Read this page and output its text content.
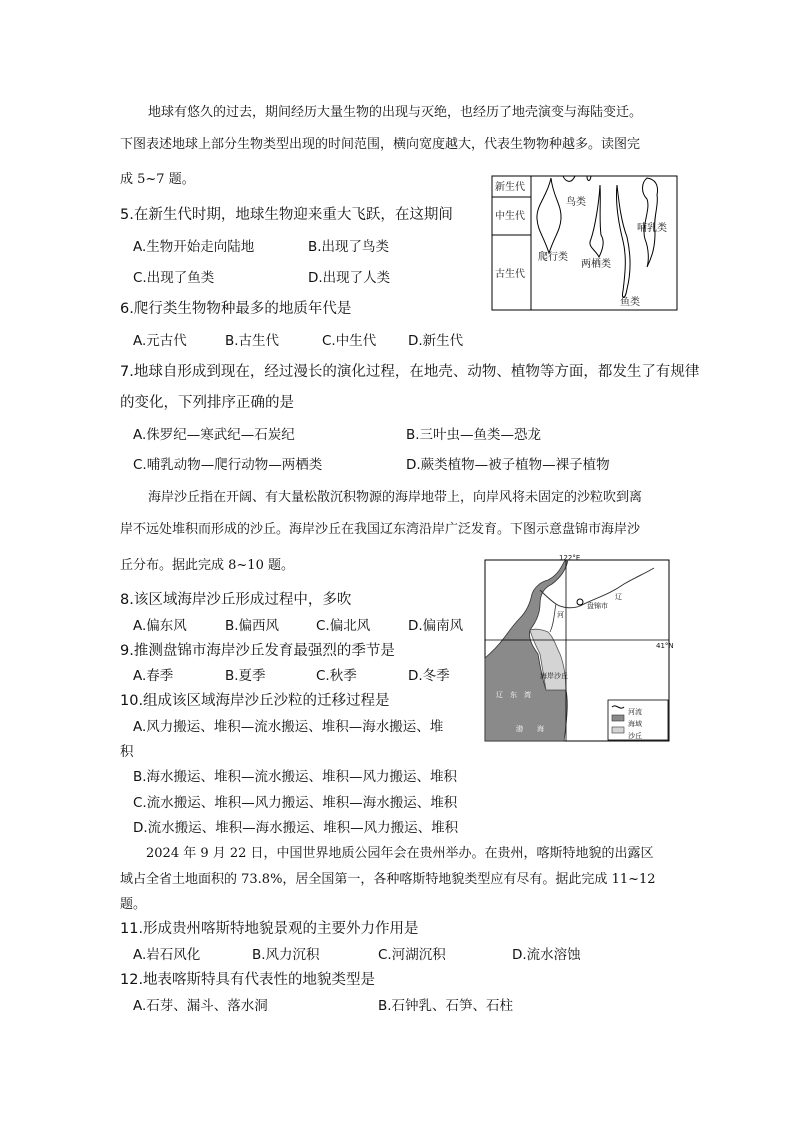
地球有悠久的过去，期间经历大量生物的出现与灭绝，也经历了地壳演变与海陆变迁。
下图表述地球上部分生物类型出现的时间范围，横向宽度越大，代表生物物种越多。读图完
成 5~7 题。
新生代
中生代
古生代
鸟类
哺乳类
爬行类
两栖类
鱼类
5.在新生代时期，地球生物迎来重大飞跃，在这期间
A.生物开始走向陆地	B.出现了鸟类
C.出现了鱼类	D.出现了人类
6.爬行类生物物种最多的地质年代是
A.元古代	B.古生代	C.中生代 D.新生代
7.地球自形成到现在，经过漫长的演化过程，在地壳、动物、植物等方面，都发生了有规律
的变化，下列排序正确的是
A.侏罗纪—寒武纪—石炭纪	B.三叶虫—鱼类—恐龙
C.哺乳动物—爬行动物—两栖类	D.蕨类植物—被子植物—裸子植物
海岸沙丘指在开阔、有大量松散沉积物源的海岸地带上，向岸风将未固定的沙粒吹到离
岸不远处堆积而形成的沙丘。海岸沙丘在我国辽东湾沿岸广泛发育。下图示意盘锦市海岸沙
丘分布。据此完成 8~10 题。	122°E
41°N
盘锦市
辽
河
海岸沙丘
辽　东　湾
渤　　海
河流
海域
沙丘
8.该区域海岸沙丘形成过程中，多吹
A.偏东风	B.偏西风	C.偏北风	D.偏南风
9.推测盘锦市海岸沙丘发育最强烈的季节是
A.春季	B.夏季	C.秋季	D.冬季
10.组成该区域海岸沙丘沙粒的迁移过程是
A.风力搬运、堆积—流水搬运、堆积—海水搬运、堆
积
B.海水搬运、堆积—流水搬运、堆积—风力搬运、堆积
C.流水搬运、堆积—风力搬运、堆积—海水搬运、堆积
D.流水搬运、堆积—海水搬运、堆积—风力搬运、堆积
2024 年 9 月 22 日，中国世界地质公园年会在贵州举办。在贵州，喀斯特地貌的出露区
域占全省土地面积的 73.8%，居全国第一，各种喀斯特地貌类型应有尽有。据此完成 11~12
题。
11.形成贵州喀斯特地貌景观的主要外力作用是
A.岩石风化	B.风力沉积	C.河湖沉积	D.流水溶蚀
12.地表喀斯特具有代表性的地貌类型是
A.石芽、漏斗、落水洞	B.石钟乳、石笋、石柱
